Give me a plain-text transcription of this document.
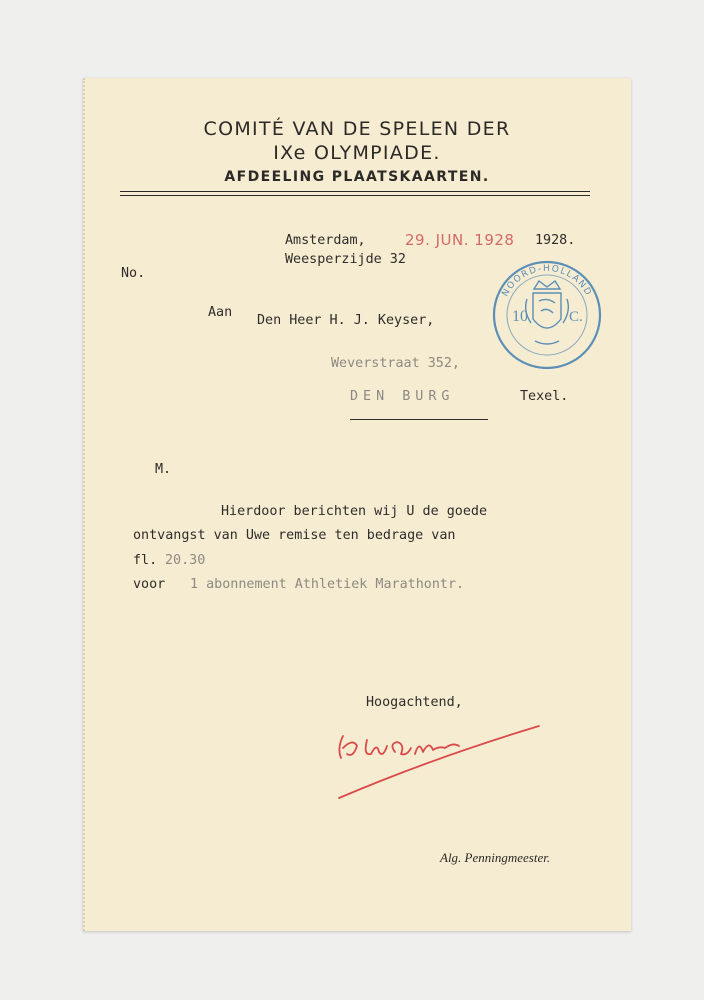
COMITÉ VAN DE SPELEN DER
IXe OLYMPIADE.
AFDEELING PLAATSKAARTEN.
Amsterdam,	29. JUN. 1928 1928.
Weesperzijde 32
No.
Aan
Den Heer H. J. Keyser,
Weverstraat 352,
DEN BURG	Texel.
NOORD-HOLLAND
10	C.
M.
Hierdoor berichten wij U de goede
ontvangst van Uwe remise ten bedrage van
fl. 20.30
voor 1 abonnement Athletiek Marathontr.
Hoogachtend,
Alg. Penningmeester.
